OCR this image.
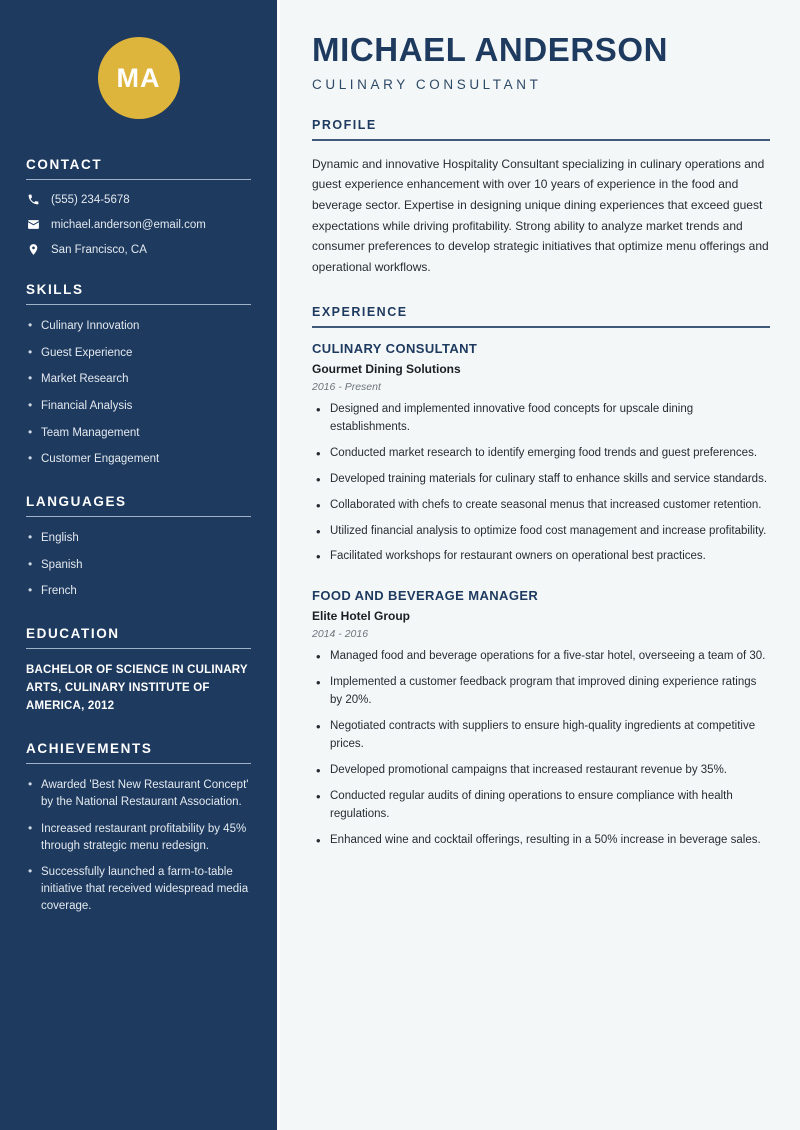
MA
CONTACT
(555) 234-5678
michael.anderson@email.com
San Francisco, CA
SKILLS
• Culinary Innovation
• Guest Experience
• Market Research
• Financial Analysis
• Team Management
• Customer Engagement
LANGUAGES
• English
• Spanish
• French
EDUCATION
BACHELOR OF SCIENCE IN CULINARY ARTS, CULINARY INSTITUTE OF AMERICA, 2012
ACHIEVEMENTS
• Awarded 'Best New Restaurant Concept' by the National Restaurant Association.
• Increased restaurant profitability by 45% through strategic menu redesign.
• Successfully launched a farm-to-table initiative that received widespread media coverage.
MICHAEL ANDERSON
CULINARY CONSULTANT
PROFILE

Dynamic and innovative Hospitality Consultant specializing in culinary operations and guest experience enhancement with over 10 years of experience in the food and beverage sector. Expertise in designing unique dining experiences that exceed guest expectations while driving profitability. Strong ability to analyze market trends and consumer preferences to develop strategic initiatives that optimize menu offerings and operational workflows.

EXPERIENCE
CULINARY CONSULTANT
Gourmet Dining Solutions
2016 - Present
• Designed and implemented innovative food concepts for upscale dining establishments.
• Conducted market research to identify emerging food trends and guest preferences.
• Developed training materials for culinary staff to enhance skills and service standards.
• Collaborated with chefs to create seasonal menus that increased customer retention.
• Utilized financial analysis to optimize food cost management and increase profitability.
• Facilitated workshops for restaurant owners on operational best practices.
FOOD AND BEVERAGE MANAGER
Elite Hotel Group
2014 - 2016
• Managed food and beverage operations for a five-star hotel, overseeing a team of 30.
• Implemented a customer feedback program that improved dining experience ratings by 20%.
• Negotiated contracts with suppliers to ensure high-quality ingredients at competitive prices.
• Developed promotional campaigns that increased restaurant revenue by 35%.
• Conducted regular audits of dining operations to ensure compliance with health regulations.
• Enhanced wine and cocktail offerings, resulting in a 50% increase in beverage sales.
